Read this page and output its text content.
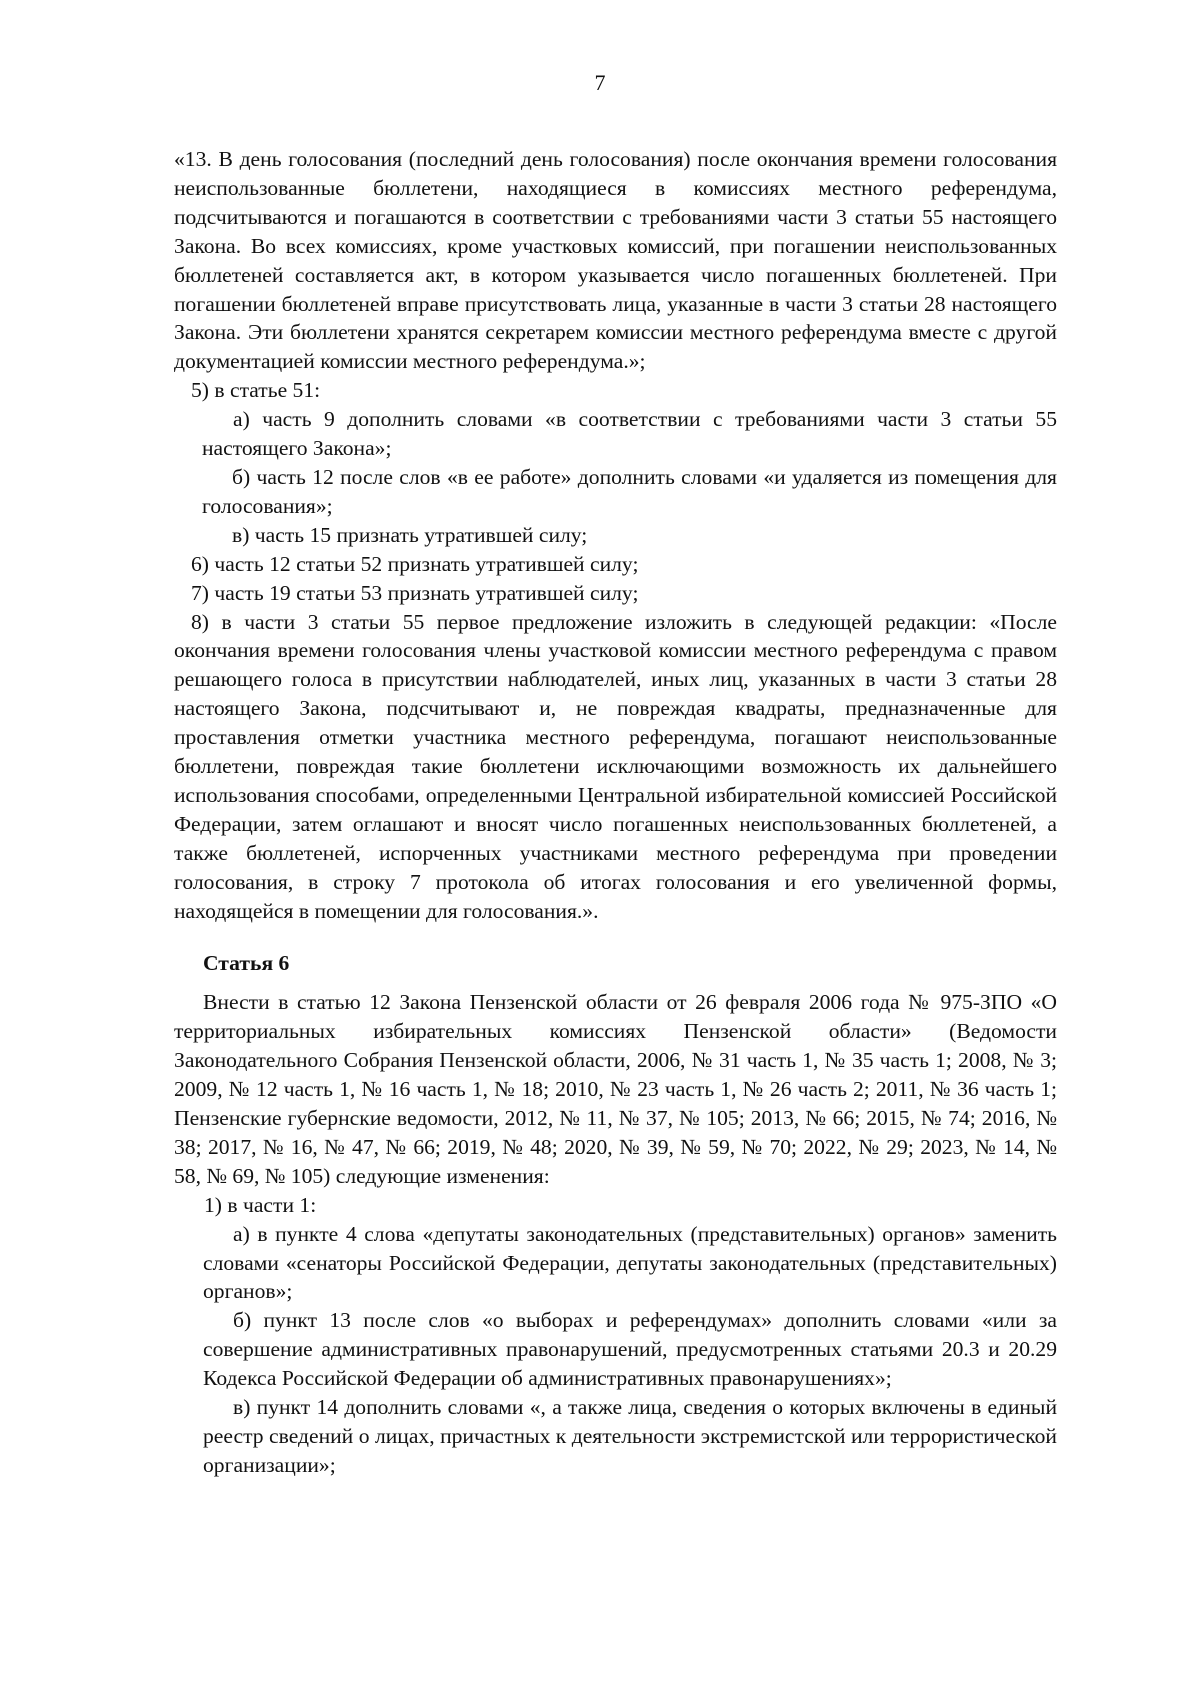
7

«13. В день голосования (последний день голосования) после окончания времени голосования неиспользованные бюллетени, находящиеся в комиссиях местного референдума, подсчитываются и погашаются в соответствии с требованиями части 3 статьи 55 настоящего Закона. Во всех комиссиях, кроме участковых комиссий, при погашении неиспользованных бюллетеней составляется акт, в котором указывается число погашенных бюллетеней. При погашении бюллетеней вправе присутствовать лица, указанные в части 3 статьи 28 настоящего Закона. Эти бюллетени хранятся секретарем комиссии местного референдума вместе с другой документацией комиссии местного референдума.»;

5) в статье 51:

а) часть 9 дополнить словами «в соответствии с требованиями части 3 статьи 55 настоящего Закона»;

б) часть 12 после слов «в ее работе» дополнить словами «и удаляется из помещения для голосования»;

в) часть 15 признать утратившей силу;

6) часть 12 статьи 52 признать утратившей силу;

7) часть 19 статьи 53 признать утратившей силу;

8) в части 3 статьи 55 первое предложение изложить в следующей редакции: «После окончания времени голосования члены участковой комиссии местного референдума с правом решающего голоса в присутствии наблюдателей, иных лиц, указанных в части 3 статьи 28 настоящего Закона, подсчитывают и, не повреждая квадраты, предназначенные для проставления отметки участника местного референдума, погашают неиспользованные бюллетени, повреждая такие бюллетени исключающими возможность их дальнейшего использования способами, определенными Центральной избирательной комиссией Российской Федерации, затем оглашают и вносят число погашенных неиспользованных бюллетеней, а также бюллетеней, испорченных участниками местного референдума при проведении голосования, в строку 7 протокола об итогах голосования и его увеличенной формы, находящейся в помещении для голосования.».

Статья 6

Внести в статью 12 Закона Пензенской области от 26 февраля 2006 года № 975-ЗПО «О территориальных избирательных комиссиях Пензенской области» (Ведомости Законодательного Собрания Пензенской области, 2006, № 31 часть 1, № 35 часть 1; 2008, № 3; 2009, № 12 часть 1, № 16 часть 1, № 18; 2010, № 23 часть 1, № 26 часть 2; 2011, № 36 часть 1; Пензенские губернские ведомости, 2012, № 11, № 37, № 105; 2013, № 66; 2015, № 74; 2016, № 38; 2017, № 16, № 47, № 66; 2019, № 48; 2020, № 39, № 59, № 70; 2022, № 29; 2023, № 14, № 58, № 69, № 105) следующие изменения:

1) в части 1:

а) в пункте 4 слова «депутаты законодательных (представительных) органов» заменить словами «сенаторы Российской Федерации, депутаты законодательных (представительных) органов»;

б) пункт 13 после слов «о выборах и референдумах» дополнить словами «или за совершение административных правонарушений, предусмотренных статьями 20.3 и 20.29 Кодекса Российской Федерации об административных правонарушениях»;

в) пункт 14 дополнить словами «, а также лица, сведения о которых включены в единый реестр сведений о лицах, причастных к деятельности экстремистской или террористической организации»;
